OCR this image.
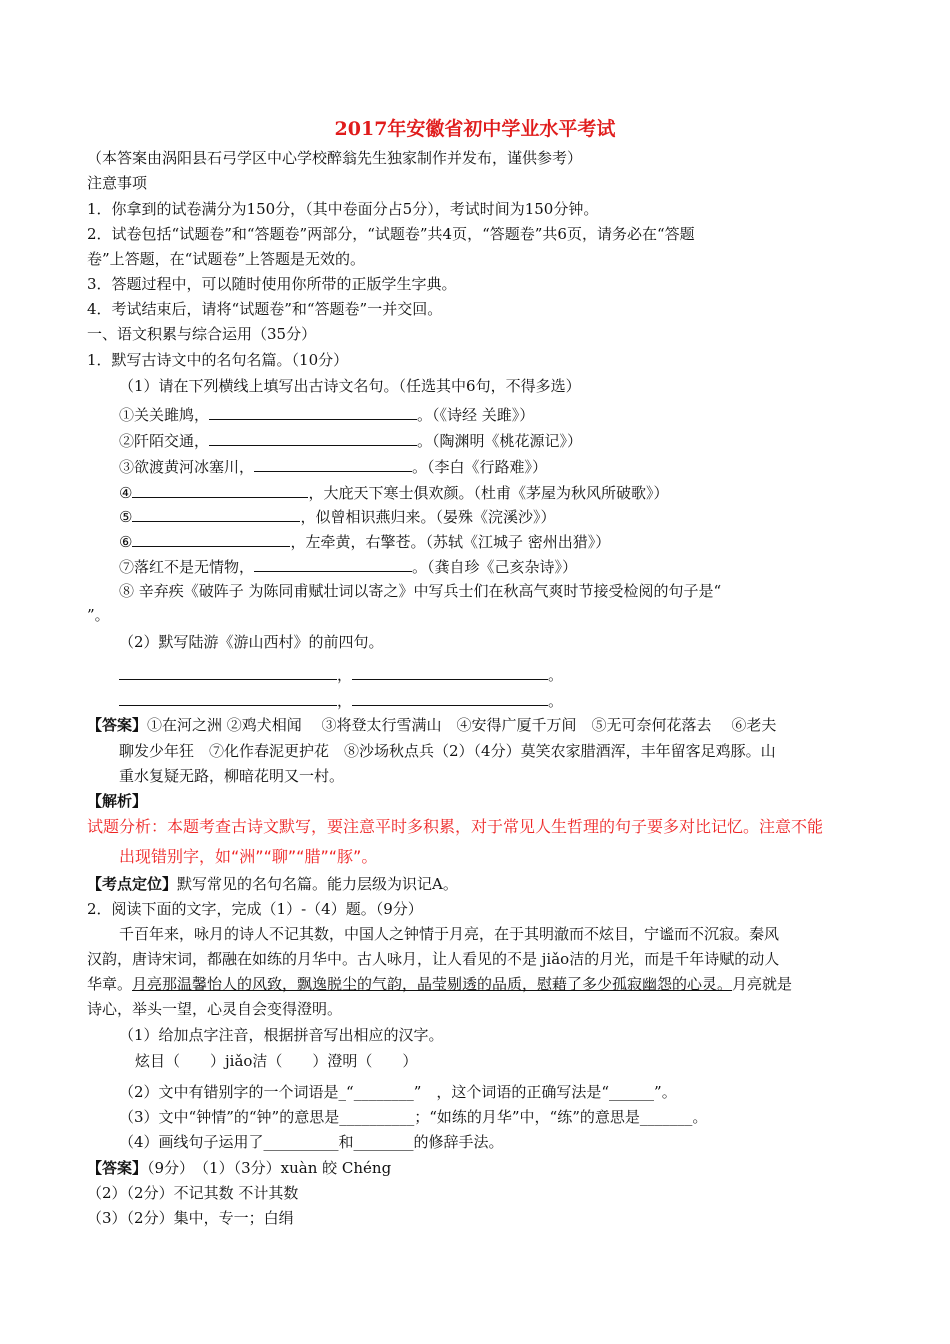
2017年安徽省初中学业水平考试
（本答案由涡阳县石弓学区中心学校醉翁先生独家制作并发布，谨供参考）
注意事项
1．你拿到的试卷满分为150分，（其中卷面分占5分），考试时间为150分钟。
2．试卷包括“试题卷”和“答题卷”两部分，“试题卷”共4页，“答题卷”共6页，请务必在“答题
卷”上答题，在“试题卷”上答题是无效的。
3．答题过程中，可以随时使用你所带的正版学生字典。
4．考试结束后，请将“试题卷”和“答题卷”一并交回。
一、语文积累与综合运用（35分）
1．默写古诗文中的名句名篇。（10分）
（1）请在下列横线上填写出古诗文名句。（任选其中6句，不得多选）
①关关雎鸠，	。（《诗经 关雎》）
②阡陌交通，	。（陶渊明《桃花源记》）
③欲渡黄河冰塞川，	。（李白《行路难》）
④	，大庇天下寒士俱欢颜。（杜甫《茅屋为秋风所破歌》）
⑤	，似曾相识燕归来。（晏殊《浣溪沙》）
⑥	，左牵黄，右擎苍。（苏轼《江城子 密州出猎》）
⑦落红不是无情物，	。（龚自珍《己亥杂诗》）
⑧ 辛弃疾《破阵子 为陈同甫赋壮词以寄之》中写兵士们在秋高气爽时节接受检阅的句子是“
”。
（2）默写陆游《游山西村》的前四句。
，	。
，	。
【答案】①在河之洲 ②鸡犬相闻　 ③将登太行雪满山　④安得广厦千万间　⑤无可奈何花落去　 ⑥老夫
聊发少年狂　⑦化作春泥更护花　⑧沙场秋点兵（2）（4分）莫笑农家腊酒浑，丰年留客足鸡豚。山
重水复疑无路，柳暗花明又一村。
【解析】
试题分析：本题考查古诗文默写，要注意平时多积累，对于常见人生哲理的句子要多对比记忆。注意不能
出现错别字，如“洲”“聊”“腊”“豚”。
【考点定位】默写常见的名句名篇。能力层级为识记A。
2．阅读下面的文字，完成（1）-（4）题。（9分）
千百年来，咏月的诗人不记其数，中国人之钟情于月亮，在于其明澈而不炫目，宁谧而不沉寂。秦风
汉韵，唐诗宋词，都融在如练的月华中。古人咏月，让人看见的不是 jiǎo洁的月光，而是千年诗赋的动人
华章。月亮那温馨怡人的风致，飘逸脱尘的气韵，晶莹剔透的品质，慰藉了多少孤寂幽怨的心灵。月亮就是
诗心，举头一望，心灵自会变得澄明。
（1）给加点字注音，根据拼音写出相应的汉字。
炫目（　　）jiǎo洁（　　）澄明（　　）
（2）文中有错别字的一个词语是_“________”　，这个词语的正确写法是“______”。
（3）文中“钟情”的“钟”的意思是__________；“如练的月华”中，“练”的意思是_______。
（4）画线句子运用了__________和________的修辞手法。
【答案】（9分）　（1）（3分）xuàn 皎 Chéng
（2）（2分）不记其数 不计其数
（3）（2分）集中，专一；白绢
